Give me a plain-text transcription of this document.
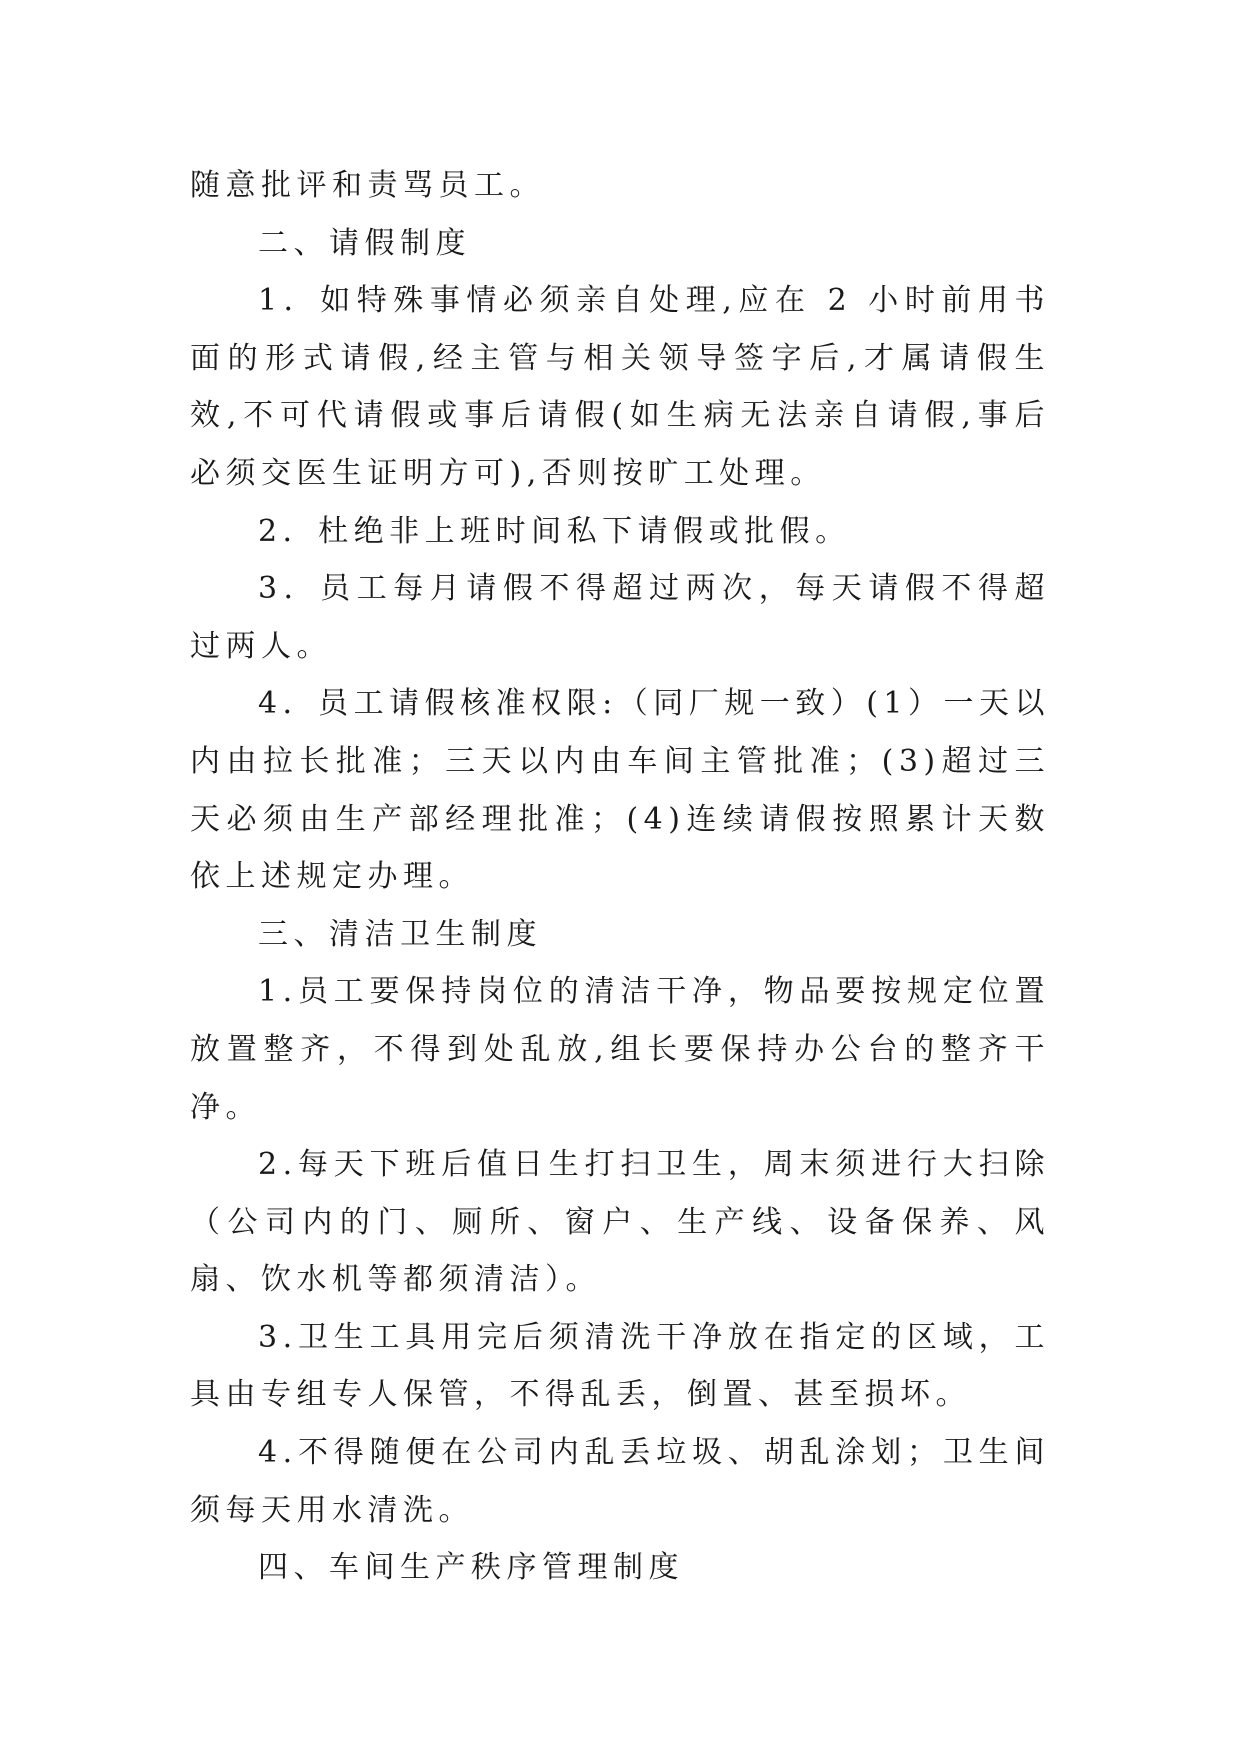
随意批评和责骂员工。

二、请假制度

1．如特殊事情必须亲自处理,应在 2 小时前用书面的形式请假,经主管与相关领导签字后,才属请假生效,不可代请假或事后请假(如生病无法亲自请假,事后必须交医生证明方可),否则按旷工处理。

2．杜绝非上班时间私下请假或批假。

3．员工每月请假不得超过两次，每天请假不得超过两人。

4．员工请假核准权限:（同厂规一致）(1）一天以内由拉长批准；三天以内由车间主管批准；(3)超过三天必须由生产部经理批准；(4)连续请假按照累计天数依上述规定办理。

三、清洁卫生制度

1.员工要保持岗位的清洁干净，物品要按规定位置放置整齐，不得到处乱放,组长要保持办公台的整齐干净。

2.每天下班后值日生打扫卫生，周末须进行大扫除（公司内的门、厕所、窗户、生产线、设备保养、风扇、饮水机等都须清洁）。

3.卫生工具用完后须清洗干净放在指定的区域，工具由专组专人保管，不得乱丢，倒置、甚至损坏。

4.不得随便在公司内乱丢垃圾、胡乱涂划；卫生间须每天用水清洗。

四、车间生产秩序管理制度
